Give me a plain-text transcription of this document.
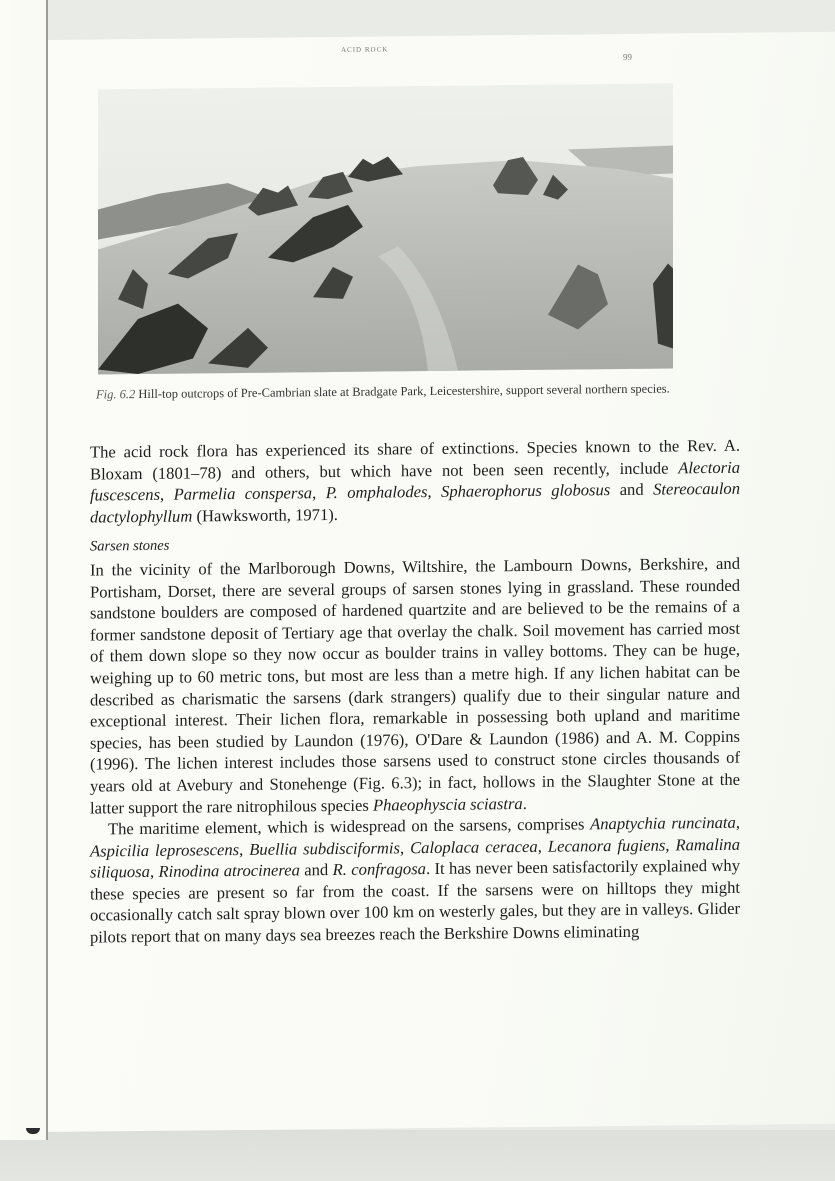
ACID ROCK
99
Fig. 6.2 Hill-top outcrops of Pre-Cambrian slate at Bradgate Park, Leicestershire, support several northern species.

The acid rock flora has experienced its share of extinctions. Species known to the Rev. A. Bloxam (1801–78) and others, but which have not been seen recently, include Alectoria fuscescens, Parmelia conspersa, P. omphalodes, Sphaerophorus globosus and Stereocaulon dactylophyllum (Hawksworth, 1971).

Sarsen stones

In the vicinity of the Marlborough Downs, Wiltshire, the Lambourn Downs, Berkshire, and Portisham, Dorset, there are several groups of sarsen stones lying in grassland. These rounded sandstone boulders are composed of hardened quartzite and are believed to be the remains of a former sandstone deposit of Tertiary age that overlay the chalk. Soil movement has carried most of them down slope so they now occur as boulder trains in valley bottoms. They can be huge, weighing up to 60 metric tons, but most are less than a metre high. If any lichen habitat can be described as charismatic the sarsens (dark strangers) qualify due to their singular nature and exceptional interest. Their lichen flora, remarkable in possessing both upland and maritime species, has been studied by Laundon (1976), O'Dare & Laundon (1986) and A. M. Coppins (1996). The lichen interest includes those sarsens used to construct stone circles thousands of years old at Avebury and Stonehenge (Fig. 6.3); in fact, hollows in the Slaughter Stone at the latter support the rare nitrophilous species Phaeophyscia sciastra.

The maritime element, which is widespread on the sarsens, comprises Anaptychia runcinata, Aspicilia leprosescens, Buellia subdisciformis, Caloplaca ceracea, Lecanora fugiens, Ramalina siliquosa, Rinodina atrocinerea and R. confragosa. It has never been satisfactorily explained why these species are present so far from the coast. If the sarsens were on hilltops they might occasionally catch salt spray blown over 100 km on westerly gales, but they are in valleys. Glider pilots report that on many days sea breezes reach the Berkshire Downs eliminating
